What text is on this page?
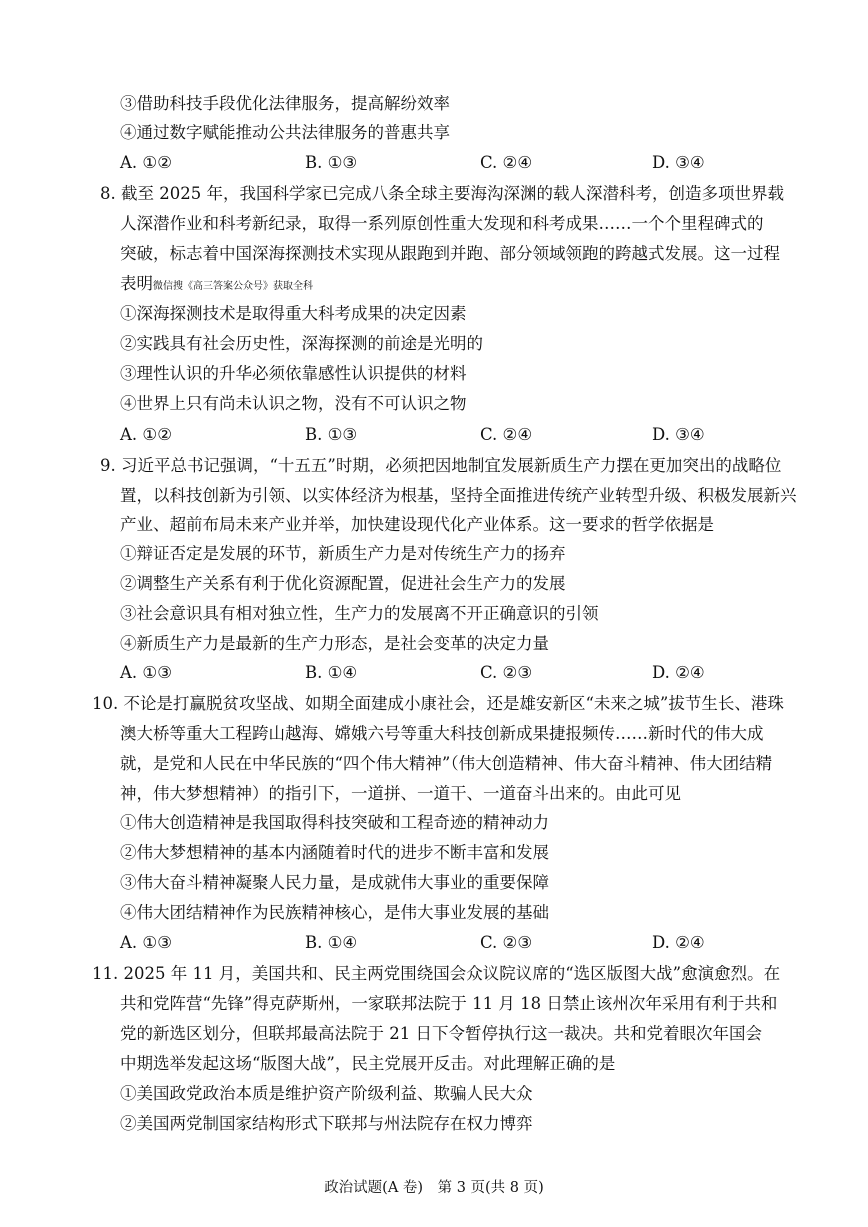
③借助科技手段优化法律服务，提高解纷效率
④通过数字赋能推动公共法律服务的普惠共享
A. ①②	B. ①③	C. ②④	D. ③④
8. 截至 2025 年，我国科学家已完成八条全球主要海沟深渊的载人深潜科考，创造多项世界载
人深潜作业和科考新纪录，取得一系列原创性重大发现和科考成果……一个个里程碑式的
突破，标志着中国深海探测技术实现从跟跑到并跑、部分领域领跑的跨越式发展。这一过程
表明微信搜《高三答案公众号》获取全科
①深海探测技术是取得重大科考成果的决定因素
②实践具有社会历史性，深海探测的前途是光明的
③理性认识的升华必须依靠感性认识提供的材料
④世界上只有尚未认识之物，没有不可认识之物
A. ①②	B. ①③	C. ②④	D. ③④
9. 习近平总书记强调，“十五五”时期，必须把因地制宜发展新质生产力摆在更加突出的战略位
置，以科技创新为引领、以实体经济为根基，坚持全面推进传统产业转型升级、积极发展新兴
产业、超前布局未来产业并举，加快建设现代化产业体系。这一要求的哲学依据是
①辩证否定是发展的环节，新质生产力是对传统生产力的扬弃
②调整生产关系有利于优化资源配置，促进社会生产力的发展
③社会意识具有相对独立性，生产力的发展离不开正确意识的引领
④新质生产力是最新的生产力形态，是社会变革的决定力量
A. ①③	B. ①④	C. ②③	D. ②④
10. 不论是打赢脱贫攻坚战、如期全面建成小康社会，还是雄安新区“未来之城”拔节生长、港珠
澳大桥等重大工程跨山越海、嫦娥六号等重大科技创新成果捷报频传……新时代的伟大成
就，是党和人民在中华民族的“四个伟大精神”（伟大创造精神、伟大奋斗精神、伟大团结精
神，伟大梦想精神）的指引下，一道拼、一道干、一道奋斗出来的。由此可见
①伟大创造精神是我国取得科技突破和工程奇迹的精神动力
②伟大梦想精神的基本内涵随着时代的进步不断丰富和发展
③伟大奋斗精神凝聚人民力量，是成就伟大事业的重要保障
④伟大团结精神作为民族精神核心，是伟大事业发展的基础
A. ①③	B. ①④	C. ②③	D. ②④
11. 2025 年 11 月，美国共和、民主两党围绕国会众议院议席的“选区版图大战”愈演愈烈。在
共和党阵营“先锋”得克萨斯州，一家联邦法院于 11 月 18 日禁止该州次年采用有利于共和
党的新选区划分，但联邦最高法院于 21 日下令暂停执行这一裁决。共和党着眼次年国会
中期选举发起这场“版图大战”，民主党展开反击。对此理解正确的是
①美国政党政治本质是维护资产阶级利益、欺骗人民大众
②美国两党制国家结构形式下联邦与州法院存在权力博弈
政治试题(A 卷)　第 3 页(共 8 页)
